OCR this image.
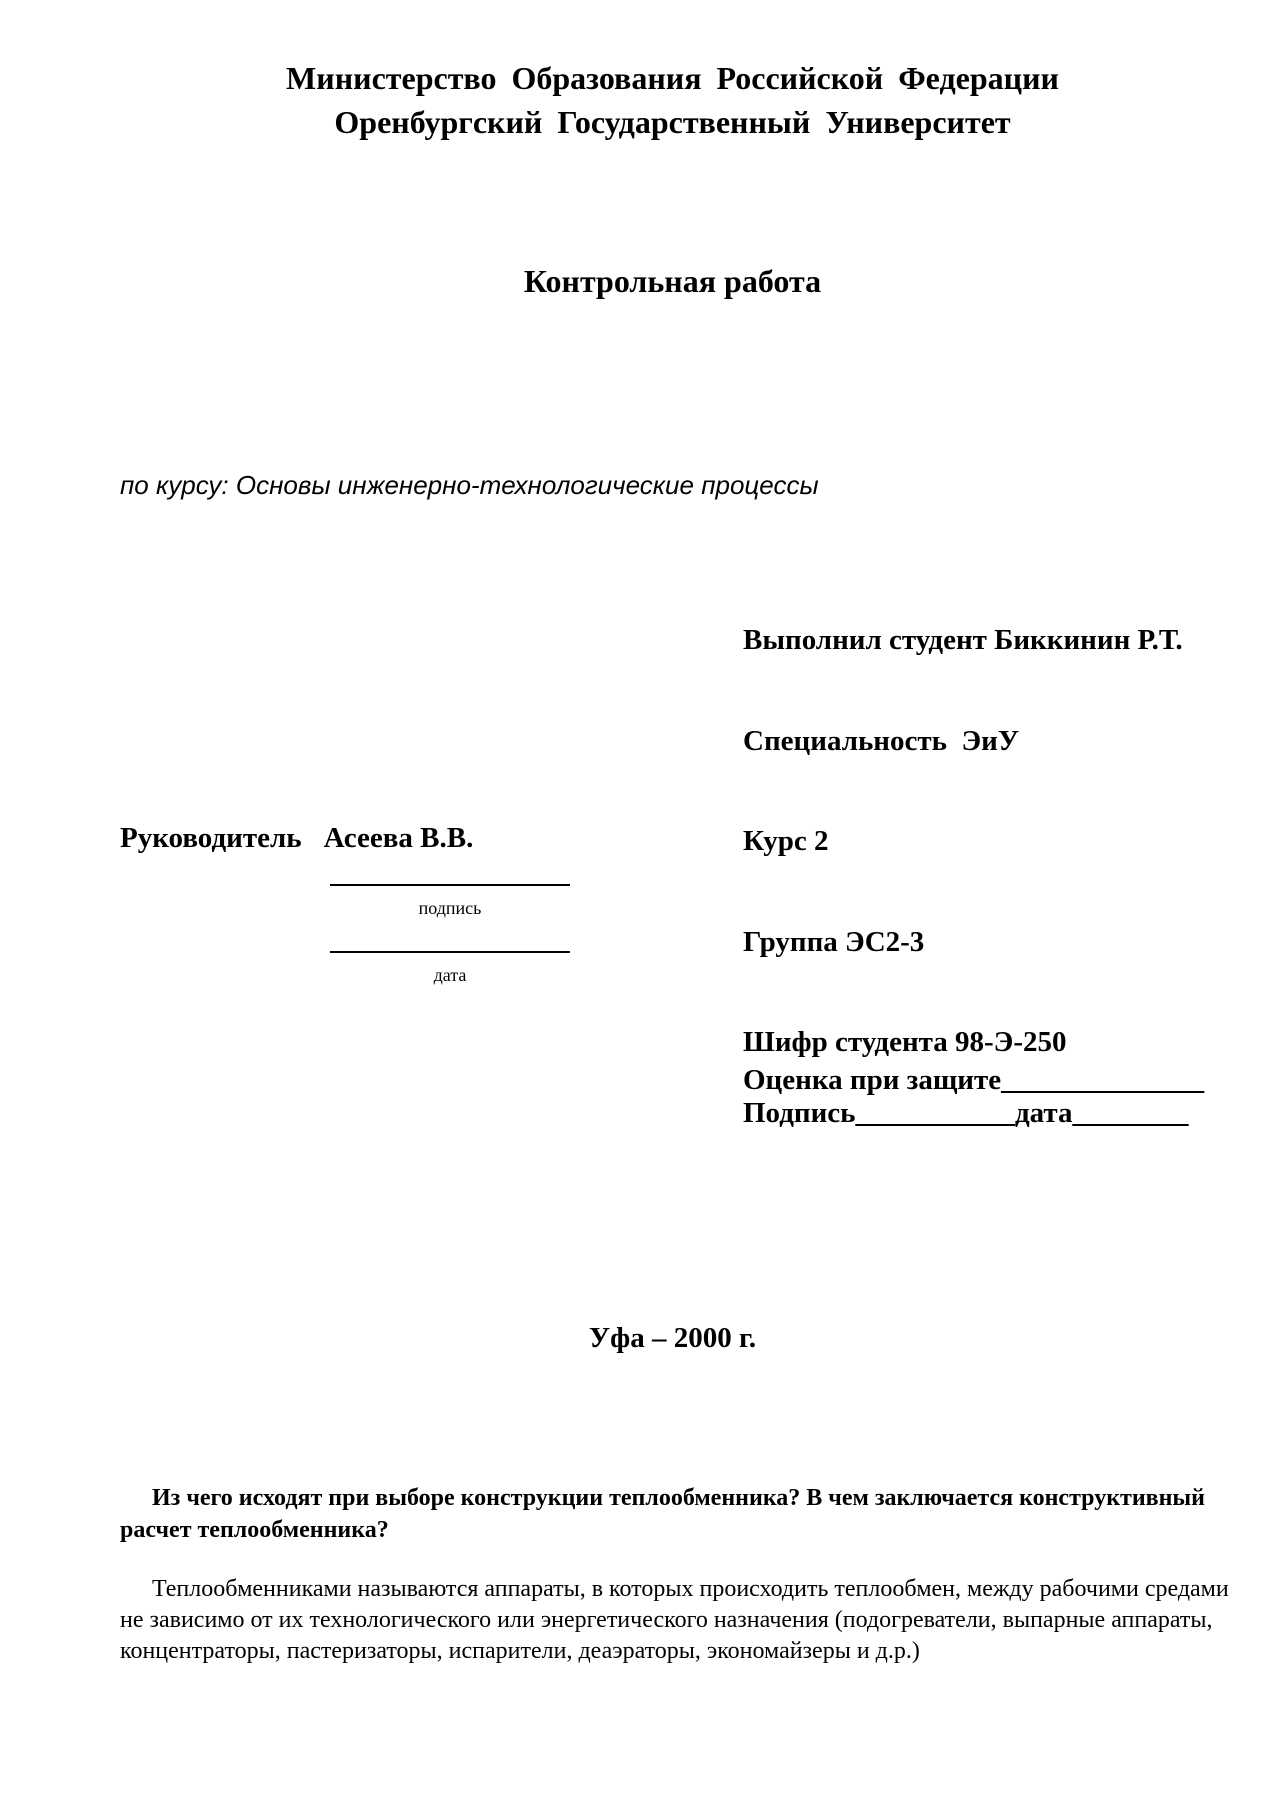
Министерство Образования Российской Федерации
Оренбургский Государственный Университет
Контрольная работа
по курсу: Основы инженерно-технологические процессы

Выполнил студент Биккинин Р.Т.

Специальность  ЭиУ

Курс 2

Группа ЭС2-3

Шифр студента 98-Э-250

Руководитель Асеева В.В.
подпись
дата
Оценка при защите______________
Подпись___________дата________
Уфа – 2000 г.
Из чего исходят при выборе конструкции теплообменника? В чем заключается конструктивный расчет теплообменника?
Теплообменниками называются аппараты, в которых происходить теплообмен, между рабочими средами не зависимо от их технологического или энергетического назначения (подогреватели, выпарные аппараты, концентраторы, пастеризаторы, испарители, деаэраторы, экономайзеры и д.р.)
